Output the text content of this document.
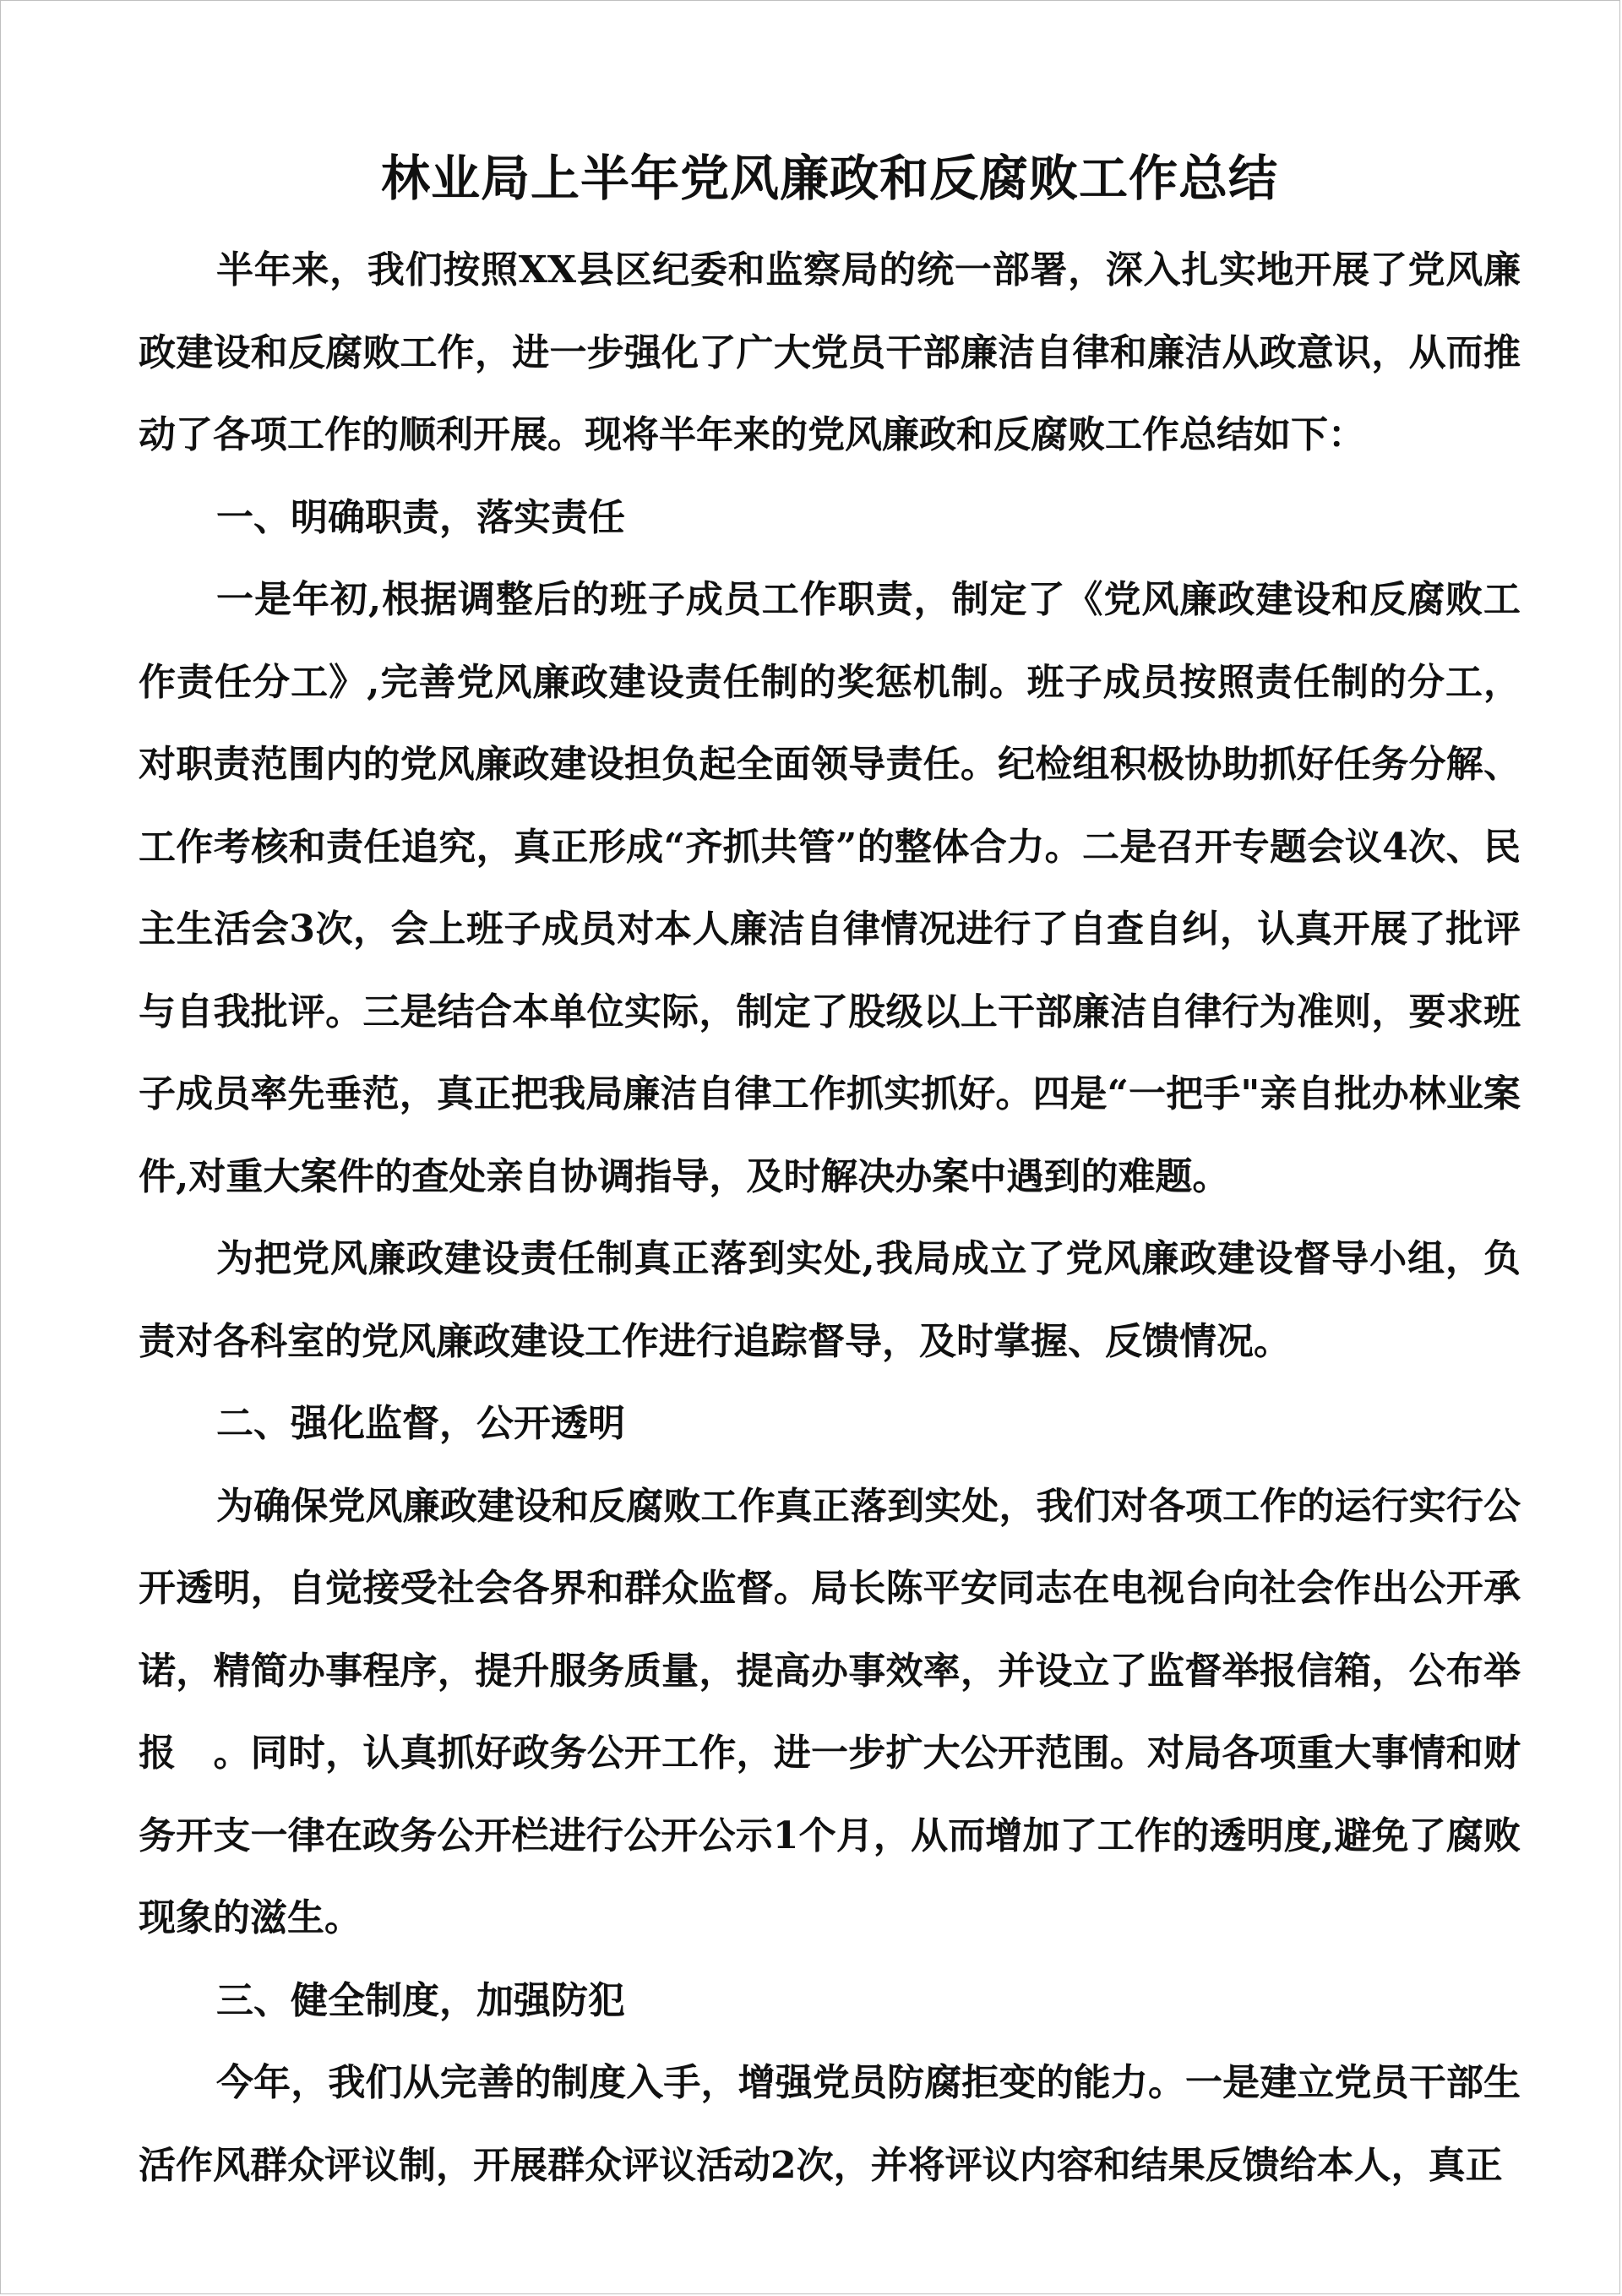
林业局上半年党风廉政和反腐败工作总结

半年来，我们按照XX县区纪委和监察局的统一部署，深入扎实地开展了党风廉政建设和反腐败工作，进一步强化了广大党员干部廉洁自律和廉洁从政意识，从而推动了各项工作的顺利开展。现将半年来的党风廉政和反腐败工作总结如下：

一、明确职责，落实责任

一是年初,根据调整后的班子成员工作职责，制定了《党风廉政建设和反腐败工作责任分工》,完善党风廉政建设责任制的奖惩机制。班子成员按照责任制的分工，对职责范围内的党风廉政建设担负起全面领导责任。纪检组积极协助抓好任务分解、工作考核和责任追究，真正形成“齐抓共管”的整体合力。二是召开专题会议4次、民主生活会3次，会上班子成员对本人廉洁自律情况进行了自查自纠，认真开展了批评与自我批评。三是结合本单位实际，制定了股级以上干部廉洁自律行为准则，要求班子成员率先垂范，真正把我局廉洁自律工作抓实抓好。四是“一把手"亲自批办林业案件,对重大案件的查处亲自协调指导，及时解决办案中遇到的难题。

为把党风廉政建设责任制真正落到实处,我局成立了党风廉政建设督导小组，负责对各科室的党风廉政建设工作进行追踪督导，及时掌握、反馈情况。

二、强化监督，公开透明

为确保党风廉政建设和反腐败工作真正落到实处，我们对各项工作的运行实行公开透明，自觉接受社会各界和群众监督。局长陈平安同志在电视台向社会作出公开承诺，精简办事程序，提升服务质量，提高办事效率，并设立了监督举报信箱，公布举报　。同时，认真抓好政务公开工作，进一步扩大公开范围。对局各项重大事情和财务开支一律在政务公开栏进行公开公示1个月，从而增加了工作的透明度,避免了腐败现象的滋生。

三、健全制度，加强防犯

今年，我们从完善的制度入手，增强党员防腐拒变的能力。一是建立党员干部生活作风群众评议制，开展群众评议活动2次，并将评议内容和结果反馈给本人，真正
